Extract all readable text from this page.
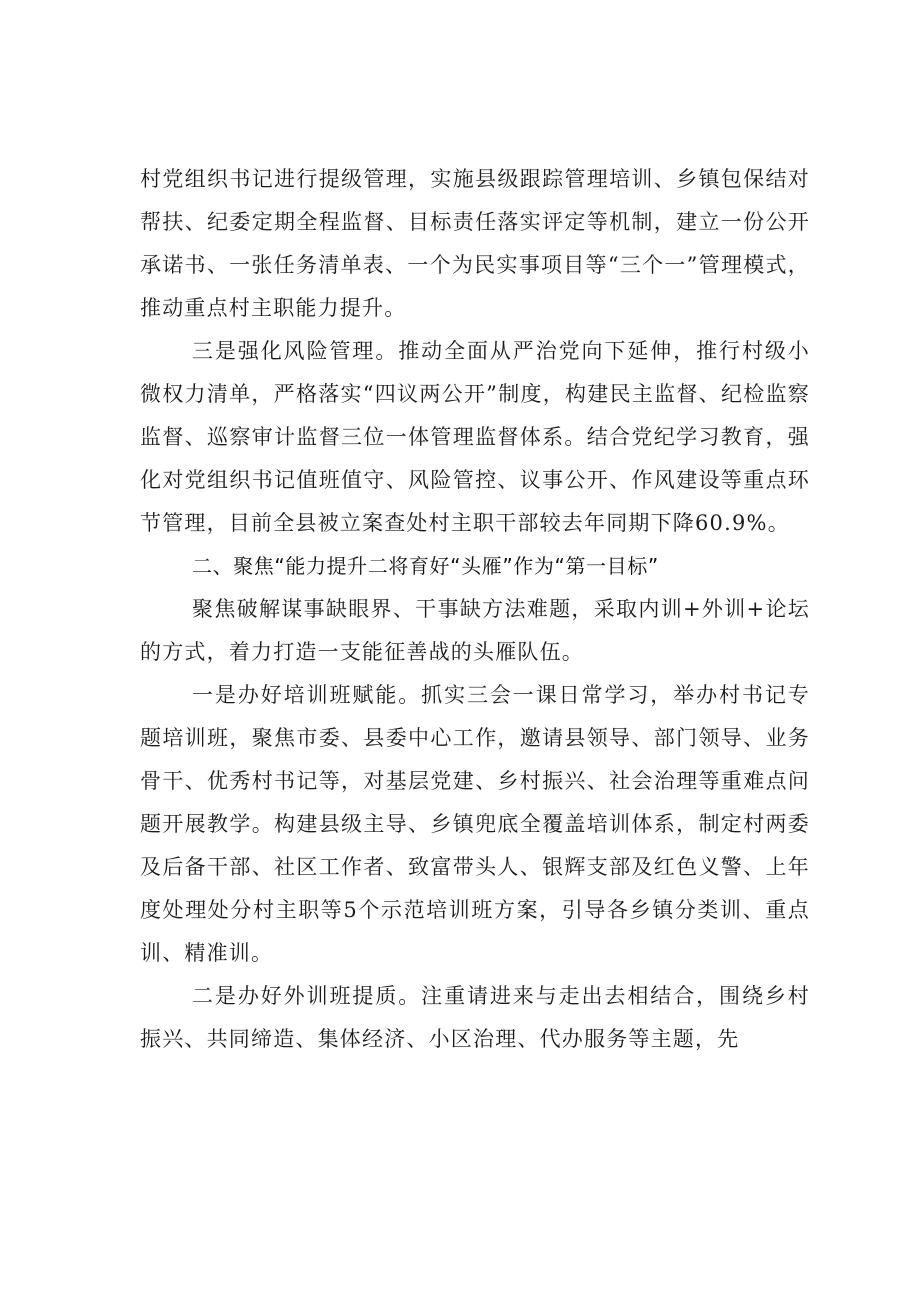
村党组织书记进行提级管理，实施县级跟踪管理培训、乡镇包保结对帮扶、纪委定期全程监督、目标责任落实评定等机制，建立一份公开承诺书、一张任务清单表、一个为民实事项目等“三个一”管理模式，推动重点村主职能力提升。

三是强化风险管理。推动全面从严治党向下延伸，推行村级小微权力清单，严格落实“四议两公开”制度，构建民主监督、纪检监察监督、巡察审计监督三位一体管理监督体系。结合党纪学习教育，强化对党组织书记值班值守、风险管控、议事公开、作风建设等重点环节管理，目前全县被立案查处村主职干部较去年同期下降60.9%。

二、聚焦“能力提升二将育好“头雁”作为“第一目标”

聚焦破解谋事缺眼界、干事缺方法难题，采取内训+外训+论坛的方式，着力打造一支能征善战的头雁队伍。

一是办好培训班赋能。抓实三会一课日常学习，举办村书记专题培训班，聚焦市委、县委中心工作，邀请县领导、部门领导、业务骨干、优秀村书记等，对基层党建、乡村振兴、社会治理等重难点问题开展教学。构建县级主导、乡镇兜底全覆盖培训体系，制定村两委及后备干部、社区工作者、致富带头人、银辉支部及红色义警、上年度处理处分村主职等5个示范培训班方案，引导各乡镇分类训、重点训、精准训。

二是办好外训班提质。注重请进来与走出去相结合，围绕乡村振兴、共同缔造、集体经济、小区治理、代办服务等主题，先
